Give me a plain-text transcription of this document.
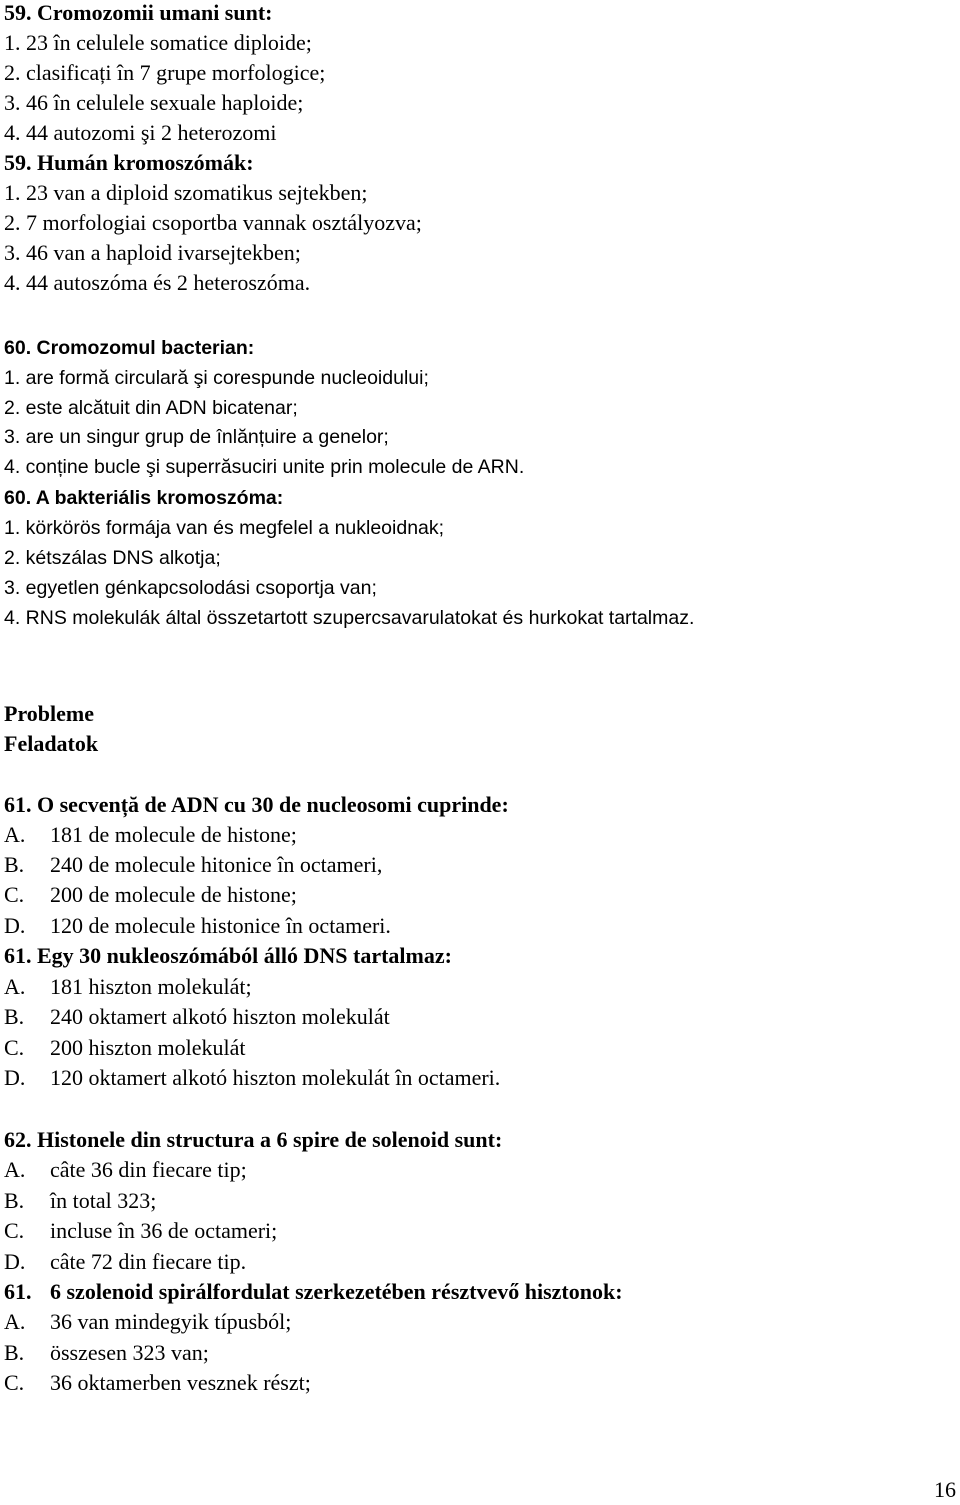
59. Cromozomii umani sunt:
1. 23 în celulele somatice diploide;
2. clasificați în 7 grupe morfologice;
3. 46 în celulele sexuale haploide;
4. 44 autozomi şi 2 heterozomi
59. Humán kromoszómák:
1. 23 van a diploid szomatikus sejtekben;
2. 7 morfologiai csoportba vannak osztályozva;
3. 46 van a haploid ivarsejtekben;
4. 44 autoszóma és 2 heteroszóma.
60. Cromozomul bacterian:
1. are formă circulară şi corespunde nucleoidului;
2. este alcătuit din ADN bicatenar;
3. are un singur grup de înlănțuire a genelor;
4. conține bucle şi superrăsuciri unite prin molecule de ARN.
60. A bakteriális kromoszóma:
1. körkörös formája van és megfelel a nukleoidnak;
2. kétszálas DNS alkotja;
3. egyetlen génkapcsolodási csoportja van;
4. RNS molekulák által összetartott szupercsavarulatokat és hurkokat tartalmaz.
Probleme
Feladatok
61. O secvență de ADN cu 30 de nucleosomi cuprinde:
A. 181 de molecule de histone;
B. 240 de molecule hitonice în octameri,
C. 200 de molecule de histone;
D. 120 de molecule histonice în octameri.
61. Egy 30 nukleoszómából álló DNS tartalmaz:
A. 181 hiszton molekulát;
B. 240 oktamert alkotó hiszton molekulát
C. 200 hiszton molekulát
D. 120 oktamert alkotó hiszton molekulát în octameri.
62. Histonele din structura a 6 spire de solenoid sunt:
A. câte 36 din fiecare tip;
B. în total 323;
C. incluse în 36 de octameri;
D. câte 72 din fiecare tip.
61. 6 szolenoid spirálfordulat szerkezetében résztvevő hisztonok:
A. 36 van mindegyik típusból;
B. összesen 323 van;
C. 36 oktamerben vesznek részt;
16
